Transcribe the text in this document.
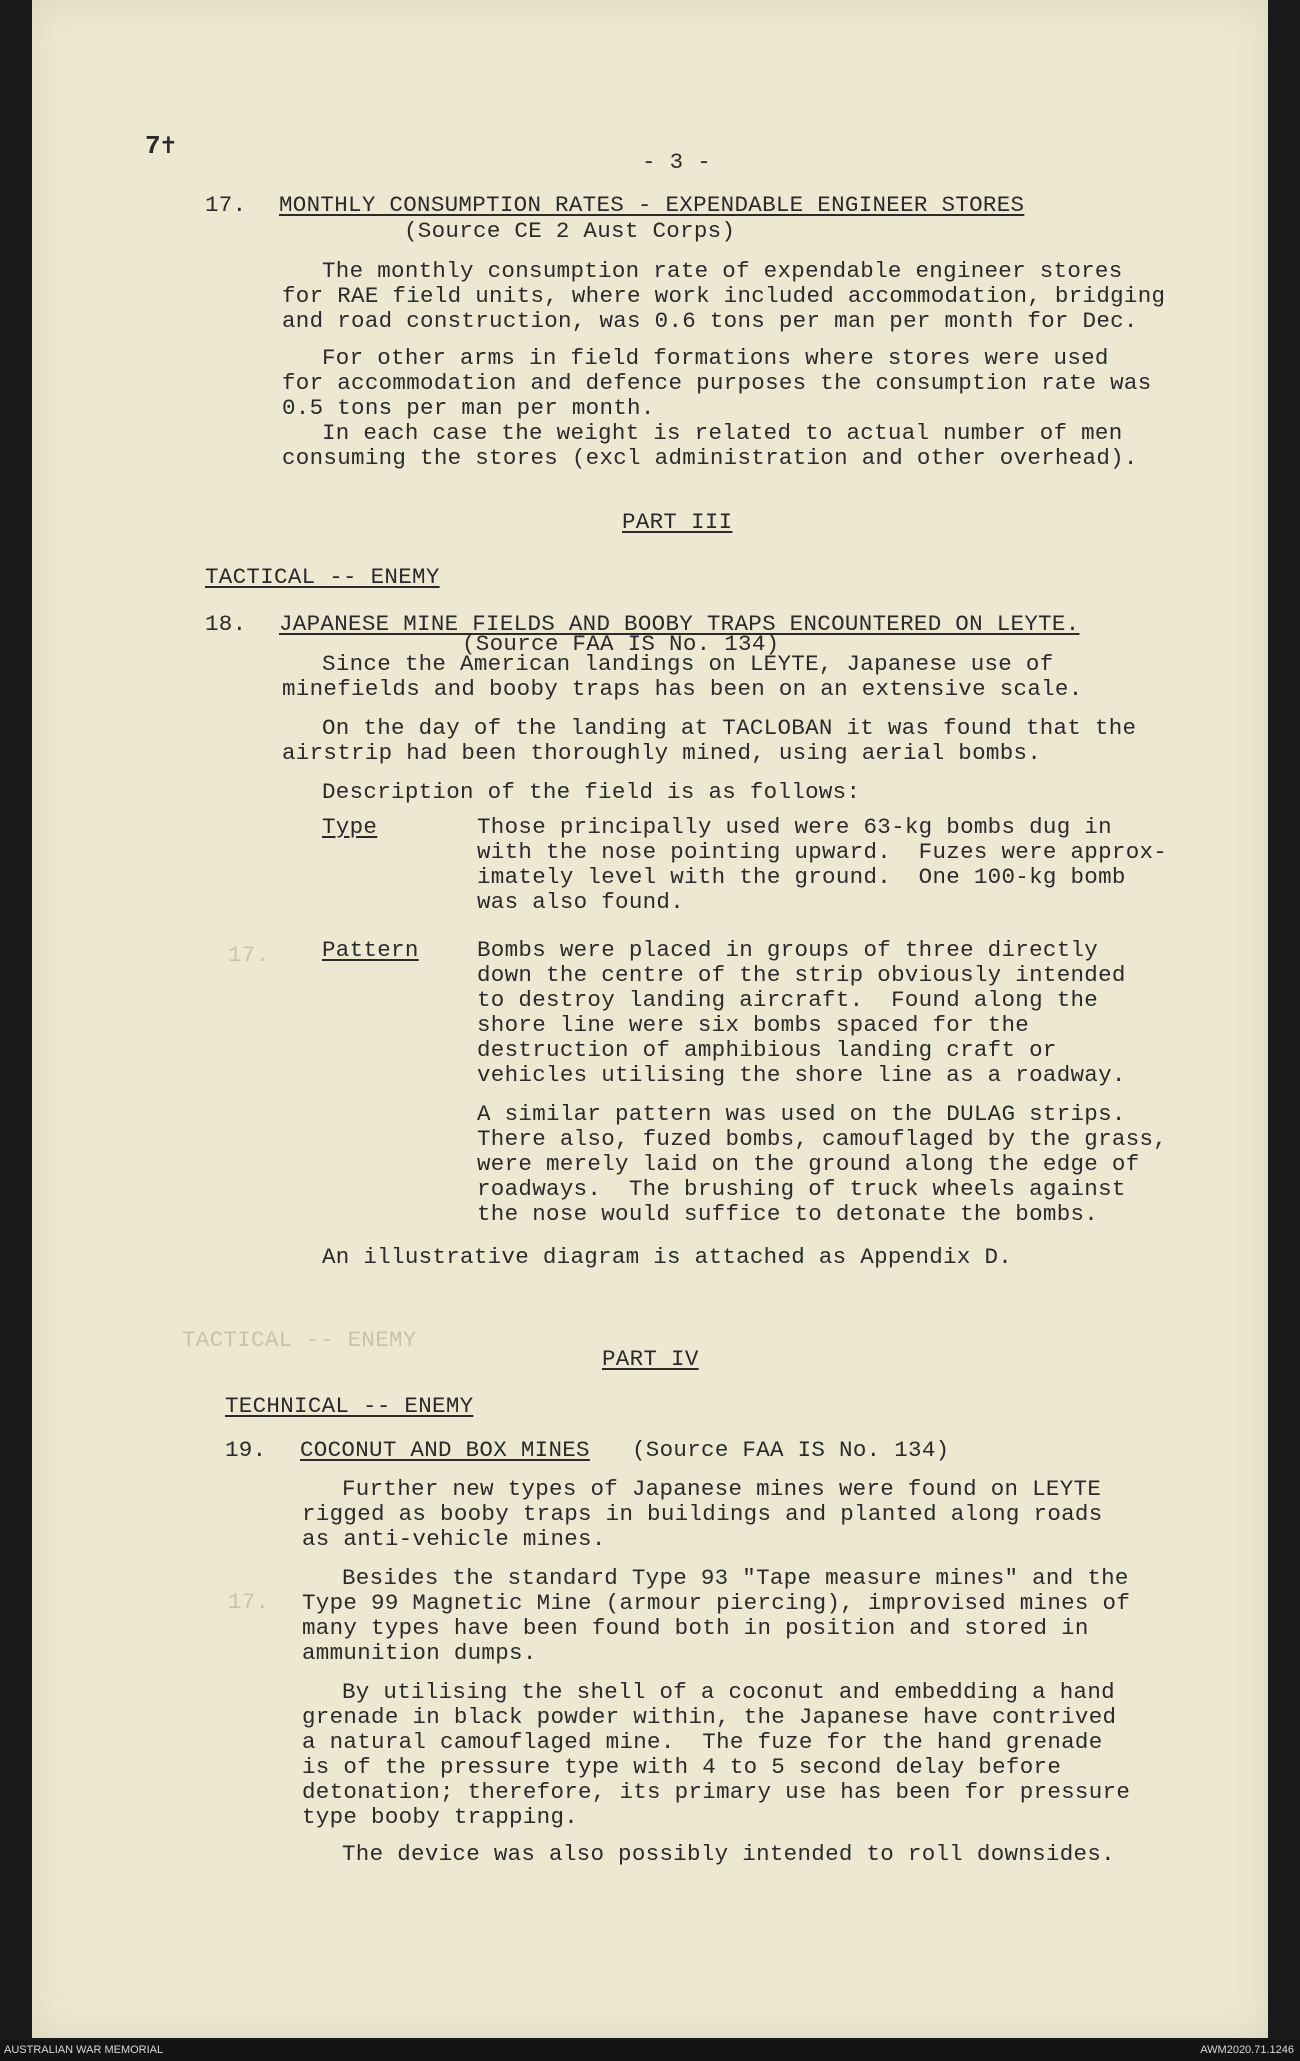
17.
TACTICAL -- ENEMY
17.
7✝
- 3 -
17. MONTHLY CONSUMPTION RATES - EXPENDABLE ENGINEER STORES
(Source CE 2 Aust Corps)
The monthly consumption rate of expendable engineer stores
for RAE field units, where work included accommodation, bridging
and road construction, was 0.6 tons per man per month for Dec.
For other arms in field formations where stores were used
for accommodation and defence purposes the consumption rate was
0.5 tons per man per month.
In each case the weight is related to actual number of men
consuming the stores (excl administration and other overhead).
PART III
TACTICAL -- ENEMY
18. JAPANESE MINE FIELDS AND BOOBY TRAPS ENCOUNTERED ON LEYTE.
(Source FAA IS No. 134)
Since the American landings on LEYTE, Japanese use of
minefields and booby traps has been on an extensive scale.
On the day of the landing at TACLOBAN it was found that the
airstrip had been thoroughly mined, using aerial bombs.
Description of the field is as follows:
Type	Those principally used were 63-kg bombs dug in
with the nose pointing upward.  Fuzes were approx-
imately level with the ground.  One 100-kg bomb
was also found.
Pattern	Bombs were placed in groups of three directly
down the centre of the strip obviously intended
to destroy landing aircraft.  Found along the
shore line were six bombs spaced for the
destruction of amphibious landing craft or
vehicles utilising the shore line as a roadway.
A similar pattern was used on the DULAG strips.
There also, fuzed bombs, camouflaged by the grass,
were merely laid on the ground along the edge of
roadways.  The brushing of truck wheels against
the nose would suffice to detonate the bombs.
An illustrative diagram is attached as Appendix D.
PART IV
TECHNICAL -- ENEMY
19. COCONUT AND BOX MINES (Source FAA IS No. 134)
Further new types of Japanese mines were found on LEYTE
rigged as booby traps in buildings and planted along roads
as anti-vehicle mines.
Besides the standard Type 93 "Tape measure mines" and the
Type 99 Magnetic Mine (armour piercing), improvised mines of
many types have been found both in position and stored in
ammunition dumps.
By utilising the shell of a coconut and embedding a hand
grenade in black powder within, the Japanese have contrived
a natural camouflaged mine.  The fuze for the hand grenade
is of the pressure type with 4 to 5 second delay before
detonation; therefore, its primary use has been for pressure
type booby trapping.
The device was also possibly intended to roll downsides.
AUSTRALIAN WAR MEMORIAL	AWM2020.71.1246
